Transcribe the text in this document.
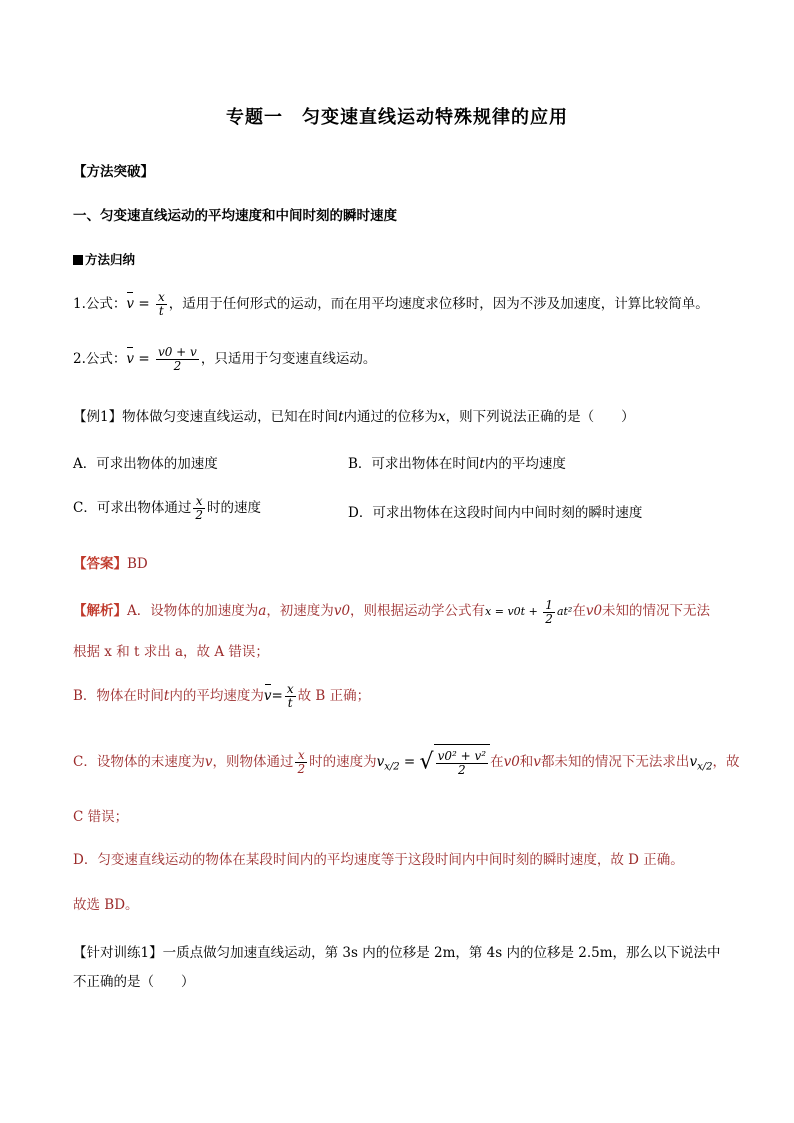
专题一　匀变速直线运动特殊规律的应用
【方法突破】
一、匀变速直线运动的平均速度和中间时刻的瞬时速度
方法归纳
1.公式：$v = \frac{x}{t}$ ，适用于任何形式的运动，而在用平均速度求位移时，因为不涉及加速度，计算比较简单。
2.公式：$v = \frac{v0 + v}{2}$ ，只适用于匀变速直线运动。
【例1】物体做匀变速直线运动，已知在时间t内通过的位移为x，则下列说法正确的是（　　）
A．可求出物体的加速度	B．可求出物体在时间t内的平均速度
C．可求出物体通过 $\frac{x}{2}$ 时的速度	D．可求出物体在这段时间内中间时刻的瞬时速度
【答案】BD
【解析】A．设物体的加速度为a，初速度为v0，则根据运动学公式有$x = v0t + \frac{1}{2} at^2$在v0未知的情况下无法
根据 x 和 t 求出 a，故 A 错误；
B．物体在时间t内的平均速度为$v= \frac{x}{t}$ 故 B 正确；
C．设物体的末速度为v，则物体通过 $\frac{x}{2}$ 时的速度为$v_{x/2}$ = √ $\frac{\text{v0² + v²}}{2}$ 在v0和v都未知的情况下无法求出$v_{x/2}$，故
C 错误；
D．匀变速直线运动的物体在某段时间内的平均速度等于这段时间内中间时刻的瞬时速度，故 D 正确。
故选 BD。
【针对训练1】一质点做匀加速直线运动，第 3s 内的位移是 2m，第 4s 内的位移是 2.5m，那么以下说法中
不正确的是（　　）
